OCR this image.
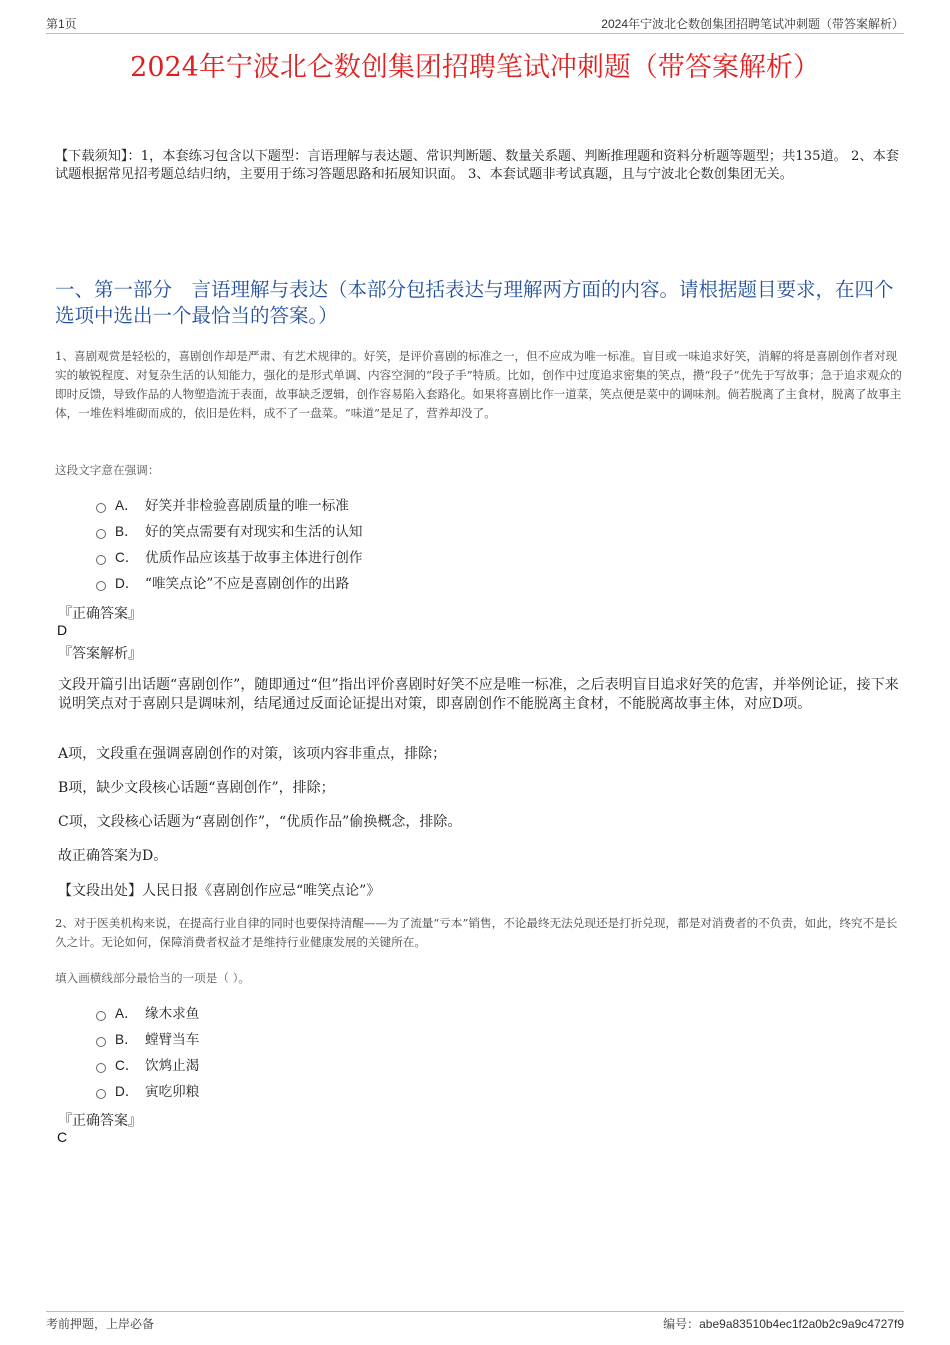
第1页	2024年宁波北仑数创集团招聘笔试冲刺题（带答案解析）
2024年宁波北仑数创集团招聘笔试冲刺题（带答案解析）
【下载须知】：1，本套练习包含以下题型：言语理解与表达题、常识判断题、数量关系题、判断推理题和资料分析题等题型；共135道。 2、本套试题根据常见招考题总结归纳，主要用于练习答题思路和拓展知识面。 3、本套试题非考试真题，且与宁波北仑数创集团无关。
一、第一部分　言语理解与表达（本部分包括表达与理解两方面的内容。请根据题目要求，在四个选项中选出一个最恰当的答案。）
1、喜剧观赏是轻松的，喜剧创作却是严肃、有艺术规律的。好笑，是评价喜剧的标准之一，但不应成为唯一标准。盲目或一味追求好笑，消解的将是喜剧创作者对现实的敏锐程度、对复杂生活的认知能力，强化的是形式单调、内容空洞的“段子手”特质。比如，创作中过度追求密集的笑点，攒“段子”优先于写故事；急于追求观众的即时反馈，导致作品的人物塑造流于表面，故事缺乏逻辑，创作容易陷入套路化。如果将喜剧比作一道菜，笑点便是菜中的调味剂。倘若脱离了主食材，脱离了故事主体，一堆佐料堆砌而成的，依旧是佐料，成不了一盘菜。“味道”是足了，营养却没了。
这段文字意在强调：
A． 好笑并非检验喜剧质量的唯一标准
B． 好的笑点需要有对现实和生活的认知
C． 优质作品应该基于故事主体进行创作
D． “唯笑点论”不应是喜剧创作的出路
『正确答案』
D
『答案解析』
文段开篇引出话题“喜剧创作”，随即通过“但”指出评价喜剧时好笑不应是唯一标准，之后表明盲目追求好笑的危害，并举例论证，接下来说明笑点对于喜剧只是调味剂，结尾通过反面论证提出对策，即喜剧创作不能脱离主食材，不能脱离故事主体，对应D项。
A项，文段重在强调喜剧创作的对策，该项内容非重点，排除；
B项，缺少文段核心话题“喜剧创作”，排除；
C项，文段核心话题为“喜剧创作”，“优质作品”偷换概念，排除。
故正确答案为D。
【文段出处】人民日报《喜剧创作应忌“唯笑点论”》
2、对于医美机构来说，在提高行业自律的同时也要保持清醒——为了流量“亏本”销售，不论最终无法兑现还是打折兑现，都是对消费者的不负责，如此，终究不是长久之计。无论如何，保障消费者权益才是维持行业健康发展的关键所在。
填入画横线部分最恰当的一项是（ ）。
A． 缘木求鱼
B． 螳臂当车
C． 饮鸩止渴
D． 寅吃卯粮
『正确答案』
C
考前押题，上岸必备	编号：abe9a83510b4ec1f2a0b2c9a9c4727f9
